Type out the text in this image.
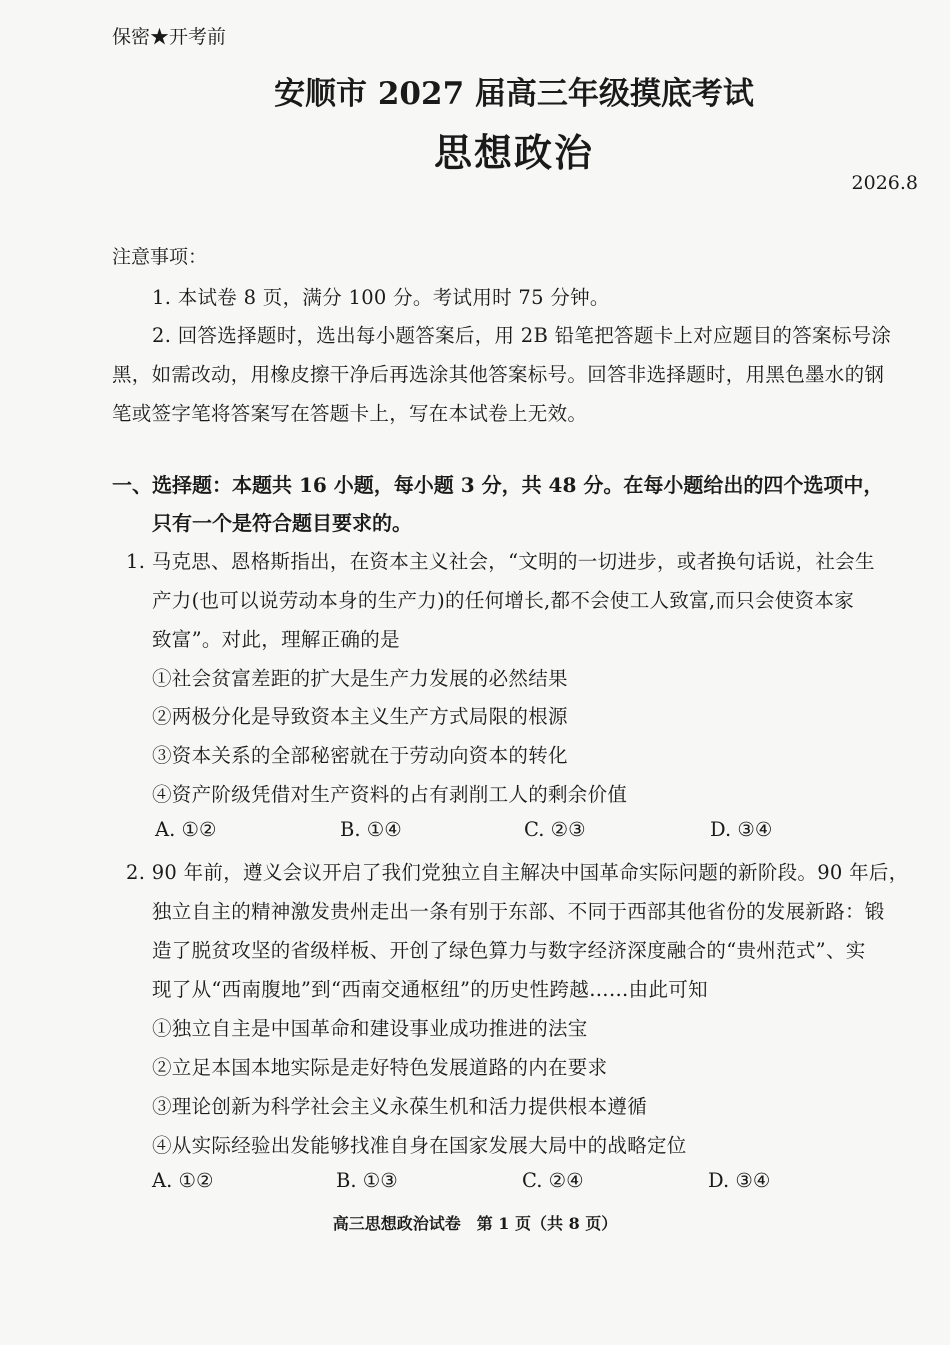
保密★开考前
安顺市 2027 届高三年级摸底考试
思想政治
2026.8
注意事项：
1. 本试卷 8 页，满分 100 分。考试用时 75 分钟。
2. 回答选择题时，选出每小题答案后，用 2B 铅笔把答题卡上对应题目的答案标号涂
黑，如需改动，用橡皮擦干净后再选涂其他答案标号。回答非选择题时，用黑色墨水的钢
笔或签字笔将答案写在答题卡上，写在本试卷上无效。
一、选择题：本题共 16 小题，每小题 3 分，共 48 分。在每小题给出的四个选项中，
只有一个是符合题目要求的。
1. 马克思、恩格斯指出，在资本主义社会，“文明的一切进步，或者换句话说，社会生
产力(也可以说劳动本身的生产力)的任何增长,都不会使工人致富,而只会使资本家
致富”。对此，理解正确的是
①社会贫富差距的扩大是生产力发展的必然结果
②两极分化是导致资本主义生产方式局限的根源
③资本关系的全部秘密就在于劳动向资本的转化
④资产阶级凭借对生产资料的占有剥削工人的剩余价值
A. ①②	B. ①④	C. ②③	D. ③④
2. 90 年前，遵义会议开启了我们党独立自主解决中国革命实际问题的新阶段。90 年后，
独立自主的精神激发贵州走出一条有别于东部、不同于西部其他省份的发展新路：锻
造了脱贫攻坚的省级样板、开创了绿色算力与数字经济深度融合的“贵州范式”、实
现了从“西南腹地”到“西南交通枢纽”的历史性跨越……由此可知
①独立自主是中国革命和建设事业成功推进的法宝
②立足本国本地实际是走好特色发展道路的内在要求
③理论创新为科学社会主义永葆生机和活力提供根本遵循
④从实际经验出发能够找准自身在国家发展大局中的战略定位
A. ①②	B. ①③	C. ②④	D. ③④
高三思想政治试卷　第 1 页（共 8 页）
